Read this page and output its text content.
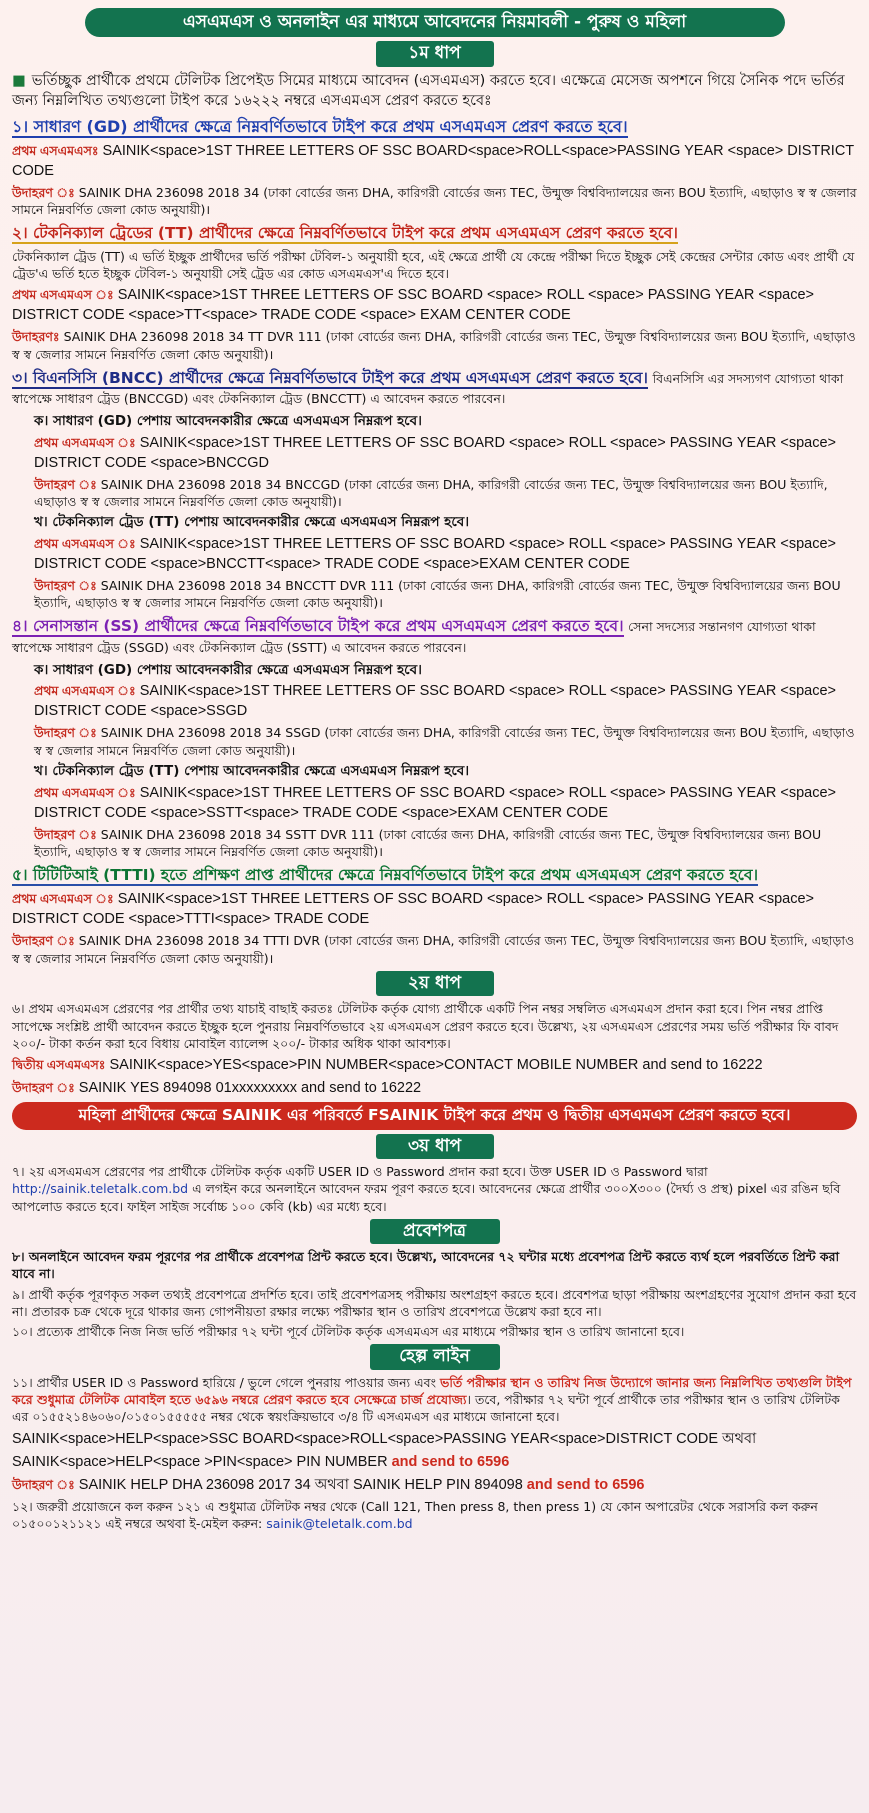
এসএমএস ও অনলাইন এর মাধ্যমে আবেদনের নিয়মাবলী - পুরুষ ও মহিলা
১ম ধাপ

■ ভর্তিচ্ছুক প্রার্থীকে প্রথমে টেলিটক প্রিপেইড সিমের মাধ্যমে আবেদন (এসএমএস) করতে হবে। এক্ষেত্রে মেসেজ অপশনে গিয়ে সৈনিক পদে ভর্তির জন্য নিম্নলিখিত তথ্যগুলো টাইপ করে ১৬২২২ নম্বরে এসএমএস প্রেরণ করতে হবেঃ

১। সাধারণ (GD) প্রার্থীদের ক্ষেত্রে নিম্নবর্ণিতভাবে টাইপ করে প্রথম এসএমএস প্রেরণ করতে হবে।

প্রথম এসএমএসঃ SAINIK<space>1ST THREE LETTERS OF SSC BOARD<space>ROLL<space>PASSING YEAR <space> DISTRICT CODE

উদাহরণ ঃ SAINIK DHA 236098 2018 34 (ঢাকা বোর্ডের জন্য DHA, কারিগরী বোর্ডের জন্য TEC, উন্মুক্ত বিশ্ববিদ্যালয়ের জন্য BOU ইত্যাদি, এছাড়াও স্ব স্ব জেলার সামনে নিম্নবর্ণিত জেলা কোড অনুযায়ী)।

২। টেকনিক্যাল ট্রেডের (TT) প্রার্থীদের ক্ষেত্রে নিম্নবর্ণিতভাবে টাইপ করে প্রথম এসএমএস প্রেরণ করতে হবে।

টেকনিক্যাল ট্রেড (TT) এ ভর্তি ইচ্ছুক প্রার্থীদের ভর্তি পরীক্ষা টেবিল-১ অনুযায়ী হবে, এই ক্ষেত্রে প্রার্থী যে কেন্দ্রে পরীক্ষা দিতে ইচ্ছুক সেই কেন্দ্রের সেন্টার কোড এবং প্রার্থী যে ট্রেড'এ ভর্তি হতে ইচ্ছুক টেবিল-১ অনুযায়ী সেই ট্রেড এর কোড এসএমএস'এ দিতে হবে।

প্রথম এসএমএস ঃ SAINIK<space>1ST THREE LETTERS OF SSC BOARD <space> ROLL <space> PASSING YEAR <space> DISTRICT CODE <space>TT<space> TRADE CODE <space> EXAM CENTER CODE

উদাহরণঃ SAINIK DHA 236098 2018 34 TT DVR 111 (ঢাকা বোর্ডের জন্য DHA, কারিগরী বোর্ডের জন্য TEC, উন্মুক্ত বিশ্ববিদ্যালয়ের জন্য BOU ইত্যাদি, এছাড়াও স্ব স্ব জেলার সামনে নিম্নবর্ণিত জেলা কোড অনুযায়ী)।

৩। বিএনসিসি (BNCC) প্রার্থীদের ক্ষেত্রে নিম্নবর্ণিতভাবে টাইপ করে প্রথম এসএমএস প্রেরণ করতে হবে। বিএনসিসি এর সদস্যগণ যোগ্যতা থাকা স্বাপেক্ষে সাধারণ ট্রেড (BNCCGD) এবং টেকনিক্যাল ট্রেড (BNCCTT) এ আবেদন করতে পারবেন।

ক। সাধারণ (GD) পেশায় আবেদনকারীর ক্ষেত্রে এসএমএস নিম্নরূপ হবে।

প্রথম এসএমএস ঃ SAINIK<space>1ST THREE LETTERS OF SSC BOARD <space> ROLL <space> PASSING YEAR <space> DISTRICT CODE <space>BNCCGD

উদাহরণ ঃ SAINIK DHA 236098 2018 34 BNCCGD (ঢাকা বোর্ডের জন্য DHA, কারিগরী বোর্ডের জন্য TEC, উন্মুক্ত বিশ্ববিদ্যালয়ের জন্য BOU ইত্যাদি, এছাড়াও স্ব স্ব জেলার সামনে নিম্নবর্ণিত জেলা কোড অনুযায়ী)।

খ। টেকনিক্যাল ট্রেড (TT) পেশায় আবেদনকারীর ক্ষেত্রে এসএমএস নিম্নরূপ হবে।

প্রথম এসএমএস ঃ SAINIK<space>1ST THREE LETTERS OF SSC BOARD <space> ROLL <space> PASSING YEAR <space> DISTRICT CODE <space>BNCCTT<space> TRADE CODE <space>EXAM CENTER CODE

উদাহরণ ঃ SAINIK DHA 236098 2018 34 BNCCTT DVR 111 (ঢাকা বোর্ডের জন্য DHA, কারিগরী বোর্ডের জন্য TEC, উন্মুক্ত বিশ্ববিদ্যালয়ের জন্য BOU ইত্যাদি, এছাড়াও স্ব স্ব জেলার সামনে নিম্নবর্ণিত জেলা কোড অনুযায়ী)।

৪। সেনাসন্তান (SS) প্রার্থীদের ক্ষেত্রে নিম্নবর্ণিতভাবে টাইপ করে প্রথম এসএমএস প্রেরণ করতে হবে। সেনা সদস্যের সন্তানগণ যোগ্যতা থাকা স্বাপেক্ষে সাধারণ ট্রেড (SSGD) এবং টেকনিক্যাল ট্রেড (SSTT) এ আবেদন করতে পারবেন।

ক। সাধারণ (GD) পেশায় আবেদনকারীর ক্ষেত্রে এসএমএস নিম্নরূপ হবে।

প্রথম এসএমএস ঃ SAINIK<space>1ST THREE LETTERS OF SSC BOARD <space> ROLL <space> PASSING YEAR <space> DISTRICT CODE <space>SSGD

উদাহরণ ঃ SAINIK DHA 236098 2018 34 SSGD (ঢাকা বোর্ডের জন্য DHA, কারিগরী বোর্ডের জন্য TEC, উন্মুক্ত বিশ্ববিদ্যালয়ের জন্য BOU ইত্যাদি, এছাড়াও স্ব স্ব জেলার সামনে নিম্নবর্ণিত জেলা কোড অনুযায়ী)।

খ। টেকনিক্যাল ট্রেড (TT) পেশায় আবেদনকারীর ক্ষেত্রে এসএমএস নিম্নরূপ হবে।

প্রথম এসএমএস ঃ SAINIK<space>1ST THREE LETTERS OF SSC BOARD <space> ROLL <space> PASSING YEAR <space> DISTRICT CODE <space>SSTT<space> TRADE CODE <space>EXAM CENTER CODE

উদাহরণ ঃ SAINIK DHA 236098 2018 34 SSTT DVR 111 (ঢাকা বোর্ডের জন্য DHA, কারিগরী বোর্ডের জন্য TEC, উন্মুক্ত বিশ্ববিদ্যালয়ের জন্য BOU ইত্যাদি, এছাড়াও স্ব স্ব জেলার সামনে নিম্নবর্ণিত জেলা কোড অনুযায়ী)।

৫। টিটিটিআই (TTTI) হতে প্রশিক্ষণ প্রাপ্ত প্রার্থীদের ক্ষেত্রে নিম্নবর্ণিতভাবে টাইপ করে প্রথম এসএমএস প্রেরণ করতে হবে।

প্রথম এসএমএস ঃ SAINIK<space>1ST THREE LETTERS OF SSC BOARD <space> ROLL <space> PASSING YEAR <space> DISTRICT CODE <space>TTTI<space> TRADE CODE

উদাহরণ ঃ SAINIK DHA 236098 2018 34 TTTI DVR (ঢাকা বোর্ডের জন্য DHA, কারিগরী বোর্ডের জন্য TEC, উন্মুক্ত বিশ্ববিদ্যালয়ের জন্য BOU ইত্যাদি, এছাড়াও স্ব স্ব জেলার সামনে নিম্নবর্ণিত জেলা কোড অনুযায়ী)।

২য় ধাপ

৬। প্রথম এসএমএস প্রেরণের পর প্রার্থীর তথ্য যাচাই বাছাই করতঃ টেলিটক কর্তৃক যোগ্য প্রার্থীকে একটি পিন নম্বর সম্বলিত এসএমএস প্রদান করা হবে। পিন নম্বর প্রাপ্তি সাপেক্ষে সংশ্লিষ্ট প্রার্থী আবেদন করতে ইচ্ছুক হলে পুনরায় নিম্নবর্ণিতভাবে ২য় এসএমএস প্রেরণ করতে হবে। উল্লেখ্য, ২য় এসএমএস প্রেরণের সময় ভর্তি পরীক্ষার ফি বাবদ ২০০/- টাকা কর্তন করা হবে বিধায় মোবাইল ব্যালেন্স ২০০/- টাকার অধিক থাকা আবশ্যক।

দ্বিতীয় এসএমএসঃ SAINIK<space>YES<space>PIN NUMBER<space>CONTACT MOBILE NUMBER and send to 16222

উদাহরণ ঃ SAINIK YES 894098 01xxxxxxxxx and send to 16222

মহিলা প্রার্থীদের ক্ষেত্রে SAINIK এর পরিবর্তে FSAINIK টাইপ করে প্রথম ও দ্বিতীয় এসএমএস প্রেরণ করতে হবে।
৩য় ধাপ

৭। ২য় এসএমএস প্রেরণের পর প্রার্থীকে টেলিটক কর্তৃক একটি USER ID ও Password প্রদান করা হবে। উক্ত USER ID ও Password দ্বারা http://sainik.teletalk.com.bd এ লগইন করে অনলাইনে আবেদন ফরম পূরণ করতে হবে। আবেদনের ক্ষেত্রে প্রার্থীর ৩০০X৩০০ (দৈর্ঘ্য ও প্রস্থ) pixel এর রঙিন ছবি আপলোড করতে হবে। ফাইল সাইজ সর্বোচ্চ ১০০ কেবি (kb) এর মধ্যে হবে।

প্রবেশপত্র

৮। অনলাইনে আবেদন ফরম পূরণের পর প্রার্থীকে প্রবেশপত্র প্রিন্ট করতে হবে। উল্লেখ্য, আবেদনের ৭২ ঘন্টার মধ্যে প্রবেশপত্র প্রিন্ট করতে ব্যর্থ হলে পরবর্তিতে প্রিন্ট করা যাবে না।

৯। প্রার্থী কর্তৃক পূরণকৃত সকল তথ্যই প্রবেশপত্রে প্রদর্শিত হবে। তাই প্রবেশপত্রসহ পরীক্ষায় অংশগ্রহণ করতে হবে। প্রবেশপত্র ছাড়া পরীক্ষায় অংশগ্রহণের সুযোগ প্রদান করা হবে না। প্রতারক চক্র থেকে দূরে থাকার জন্য গোপনীয়তা রক্ষার লক্ষ্যে পরীক্ষার স্থান ও তারিখ প্রবেশপত্রে উল্লেখ করা হবে না।

১০। প্রত্যেক প্রার্থীকে নিজ নিজ ভর্তি পরীক্ষার ৭২ ঘন্টা পূর্বে টেলিটক কর্তৃক এসএমএস এর মাধ্যমে পরীক্ষার স্থান ও তারিখ জানানো হবে।

হেল্প লাইন

১১। প্রার্থীর USER ID ও Password হারিয়ে / ভুলে গেলে পুনরায় পাওয়ার জন্য এবং ভর্তি পরীক্ষার স্থান ও তারিখ নিজ উদ্যোগে জানার জন্য নিম্নলিখিত তথ্যগুলি টাইপ করে শুধুমাত্র টেলিটক মোবাইল হতে ৬৫৯৬ নম্বরে প্রেরণ করতে হবে সেক্ষেত্রে চার্জ প্রযোজ্য। তবে, পরীক্ষার ৭২ ঘন্টা পূর্বে প্রার্থীকে তার পরীক্ষার স্থান ও তারিখ টেলিটক এর ০১৫৫২১৪৬০৬০/০১৫০১৫৫৫৫৫ নম্বর থেকে স্বয়ংক্রিয়ভাবে ৩/৪ টি এসএমএস এর মাধ্যমে জানানো হবে।

SAINIK<space>HELP<space>SSC BOARD<space>ROLL<space>PASSING YEAR<space>DISTRICT CODE অথবা

SAINIK<space>HELP<space >PIN<space> PIN NUMBER and send to 6596

উদাহরণ ঃ SAINIK HELP DHA 236098 2017 34 অথবা SAINIK HELP PIN 894098 and send to 6596

১২। জরুরী প্রয়োজনে কল করুন ১২১ এ শুধুমাত্র টেলিটক নম্বর থেকে (Call 121, Then press 8, then press 1) যে কোন অপারেটর থেকে সরাসরি কল করুন ০১৫০০১২১১২১ এই নম্বরে অথবা ই-মেইল করুন: sainik@teletalk.com.bd
